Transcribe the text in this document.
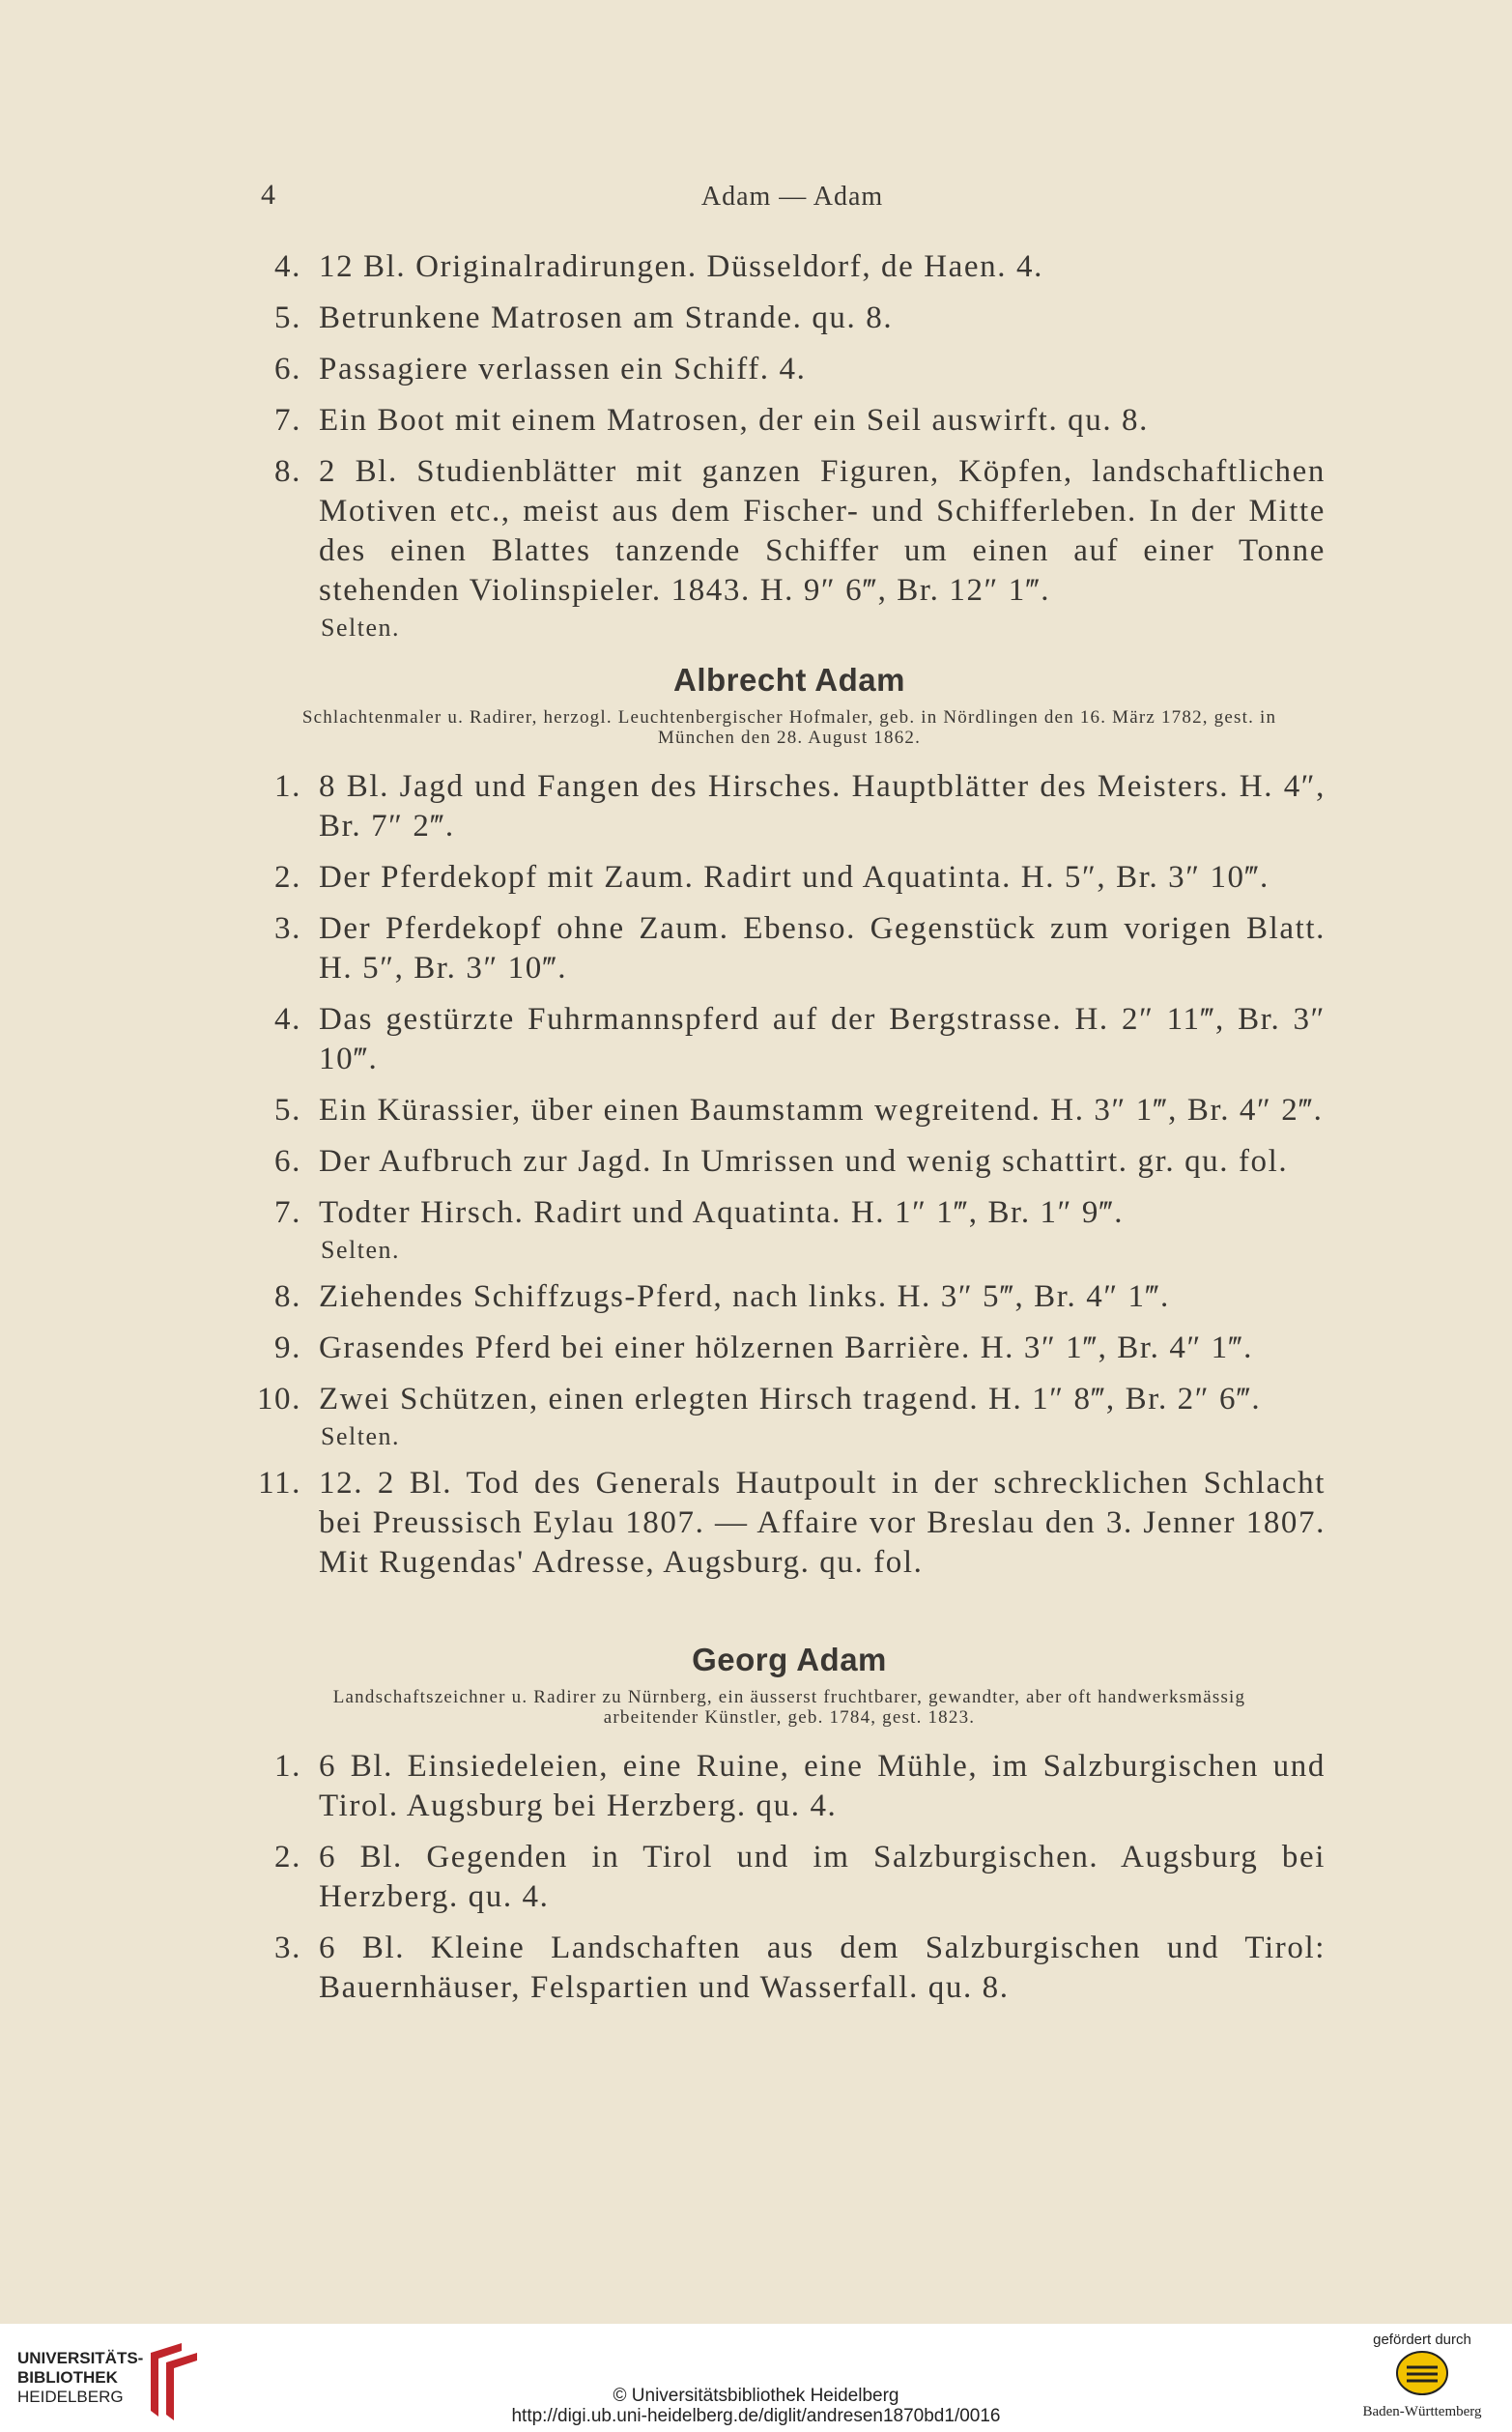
4	Adam — Adam
4. 12 Bl. Originalradirungen. Düsseldorf, de Haen. 4.
5. Betrunkene Matrosen am Strande. qu. 8.
6. Passagiere verlassen ein Schiff. 4.
7. Ein Boot mit einem Matrosen, der ein Seil auswirft. qu. 8.
8. 2 Bl. Studienblätter mit ganzen Figuren, Köpfen, landschaftlichen Motiven etc., meist aus dem Fischer- und Schifferleben. In der Mitte des einen Blattes tanzende Schiffer um einen auf einer Tonne stehenden Violinspieler. 1843. H. 9″ 6‴, Br. 12″ 1‴.
Selten.
Albrecht Adam
Schlachtenmaler u. Radirer, herzogl. Leuchtenbergischer Hofmaler, geb. in Nördlingen den 16. März 1782, gest. in München den 28. August 1862.
1. 8 Bl. Jagd und Fangen des Hirsches. Hauptblätter des Meisters. H. 4″, Br. 7″ 2‴.
2. Der Pferdekopf mit Zaum. Radirt und Aquatinta. H. 5″, Br. 3″ 10‴.
3. Der Pferdekopf ohne Zaum. Ebenso. Gegenstück zum vorigen Blatt. H. 5″, Br. 3″ 10‴.
4. Das gestürzte Fuhrmannspferd auf der Bergstrasse. H. 2″ 11‴, Br. 3″ 10‴.
5. Ein Kürassier, über einen Baumstamm wegreitend. H. 3″ 1‴, Br. 4″ 2‴.
6. Der Aufbruch zur Jagd. In Umrissen und wenig schattirt. gr. qu. fol.
7. Todter Hirsch. Radirt und Aquatinta. H. 1″ 1‴, Br. 1″ 9‴.
Selten.
8. Ziehendes Schiffzugs-Pferd, nach links. H. 3″ 5‴, Br. 4″ 1‴.
9. Grasendes Pferd bei einer hölzernen Barrière. H. 3″ 1‴, Br. 4″ 1‴.
10. Zwei Schützen, einen erlegten Hirsch tragend. H. 1″ 8‴, Br. 2″ 6‴.
Selten.
11. 12. 2 Bl. Tod des Generals Hautpoult in der schrecklichen Schlacht bei Preussisch Eylau 1807. — Affaire vor Breslau den 3. Jenner 1807. Mit Rugendas' Adresse, Augsburg. qu. fol.
Georg Adam
Landschaftszeichner u. Radirer zu Nürnberg, ein äusserst fruchtbarer, gewandter, aber oft handwerksmässig arbeitender Künstler, geb. 1784, gest. 1823.
1. 6 Bl. Einsiedeleien, eine Ruine, eine Mühle, im Salzburgischen und Tirol. Augsburg bei Herzberg. qu. 4.
2. 6 Bl. Gegenden in Tirol und im Salzburgischen. Augsburg bei Herzberg. qu. 4.
3. 6 Bl. Kleine Landschaften aus dem Salzburgischen und Tirol: Bauernhäuser, Felspartien und Wasserfall. qu. 8.
UNIVERSITÄTS-
BIBLIOTHEK
HEIDELBERG	© Universitätsbibliothek Heidelberg
http://digi.ub.uni-heidelberg.de/diglit/andresen1870bd1/0016
gefördert durch
Baden-Württemberg
